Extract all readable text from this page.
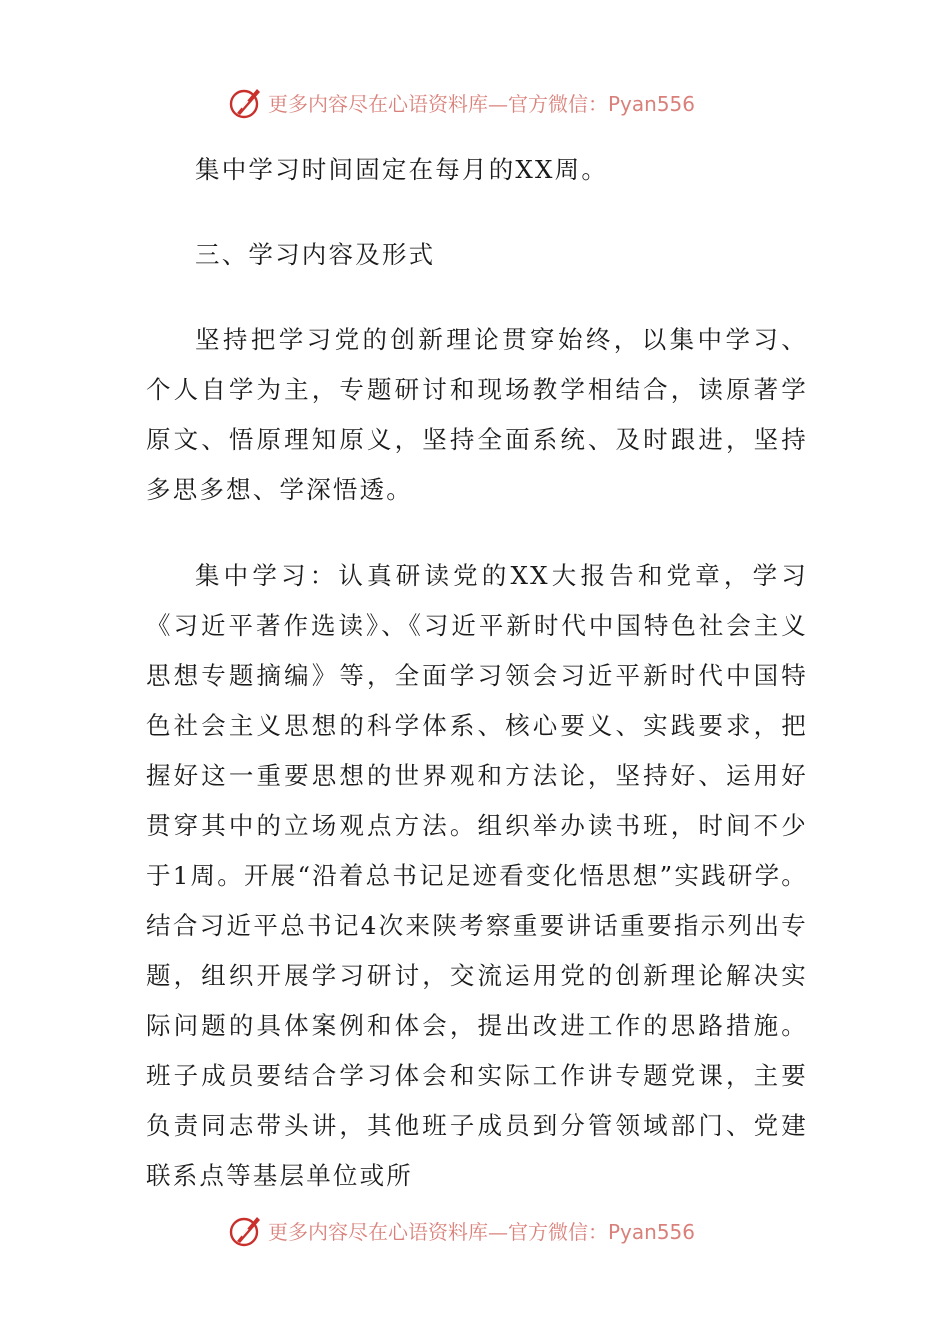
更多内容尽在心语资料库—官方微信：Pyan556

集中学习时间固定在每月的XX周。

三、学习内容及形式

坚持把学习党的创新理论贯穿始终，以集中学习、个人自学为主，专题研讨和现场教学相结合，读原著学原文、悟原理知原义，坚持全面系统、及时跟进，坚持多思多想、学深悟透。

集中学习：认真研读党的XX大报告和党章，学习《习近平著作选读》、《习近平新时代中国特色社会主义思想专题摘编》等，全面学习领会习近平新时代中国特色社会主义思想的科学体系、核心要义、实践要求，把握好这一重要思想的世界观和方法论，坚持好、运用好贯穿其中的立场观点方法。组织举办读书班，时间不少于1周。开展“沿着总书记足迹看变化悟思想”实践研学。结合习近平总书记4次来陕考察重要讲话重要指示列出专题，组织开展学习研讨，交流运用党的创新理论解决实际问题的具体案例和体会，提出改进工作的思路措施。班子成员要结合学习体会和实际工作讲专题党课，主要负责同志带头讲，其他班子成员到分管领域部门、党建联系点等基层单位或所

更多内容尽在心语资料库—官方微信：Pyan556
